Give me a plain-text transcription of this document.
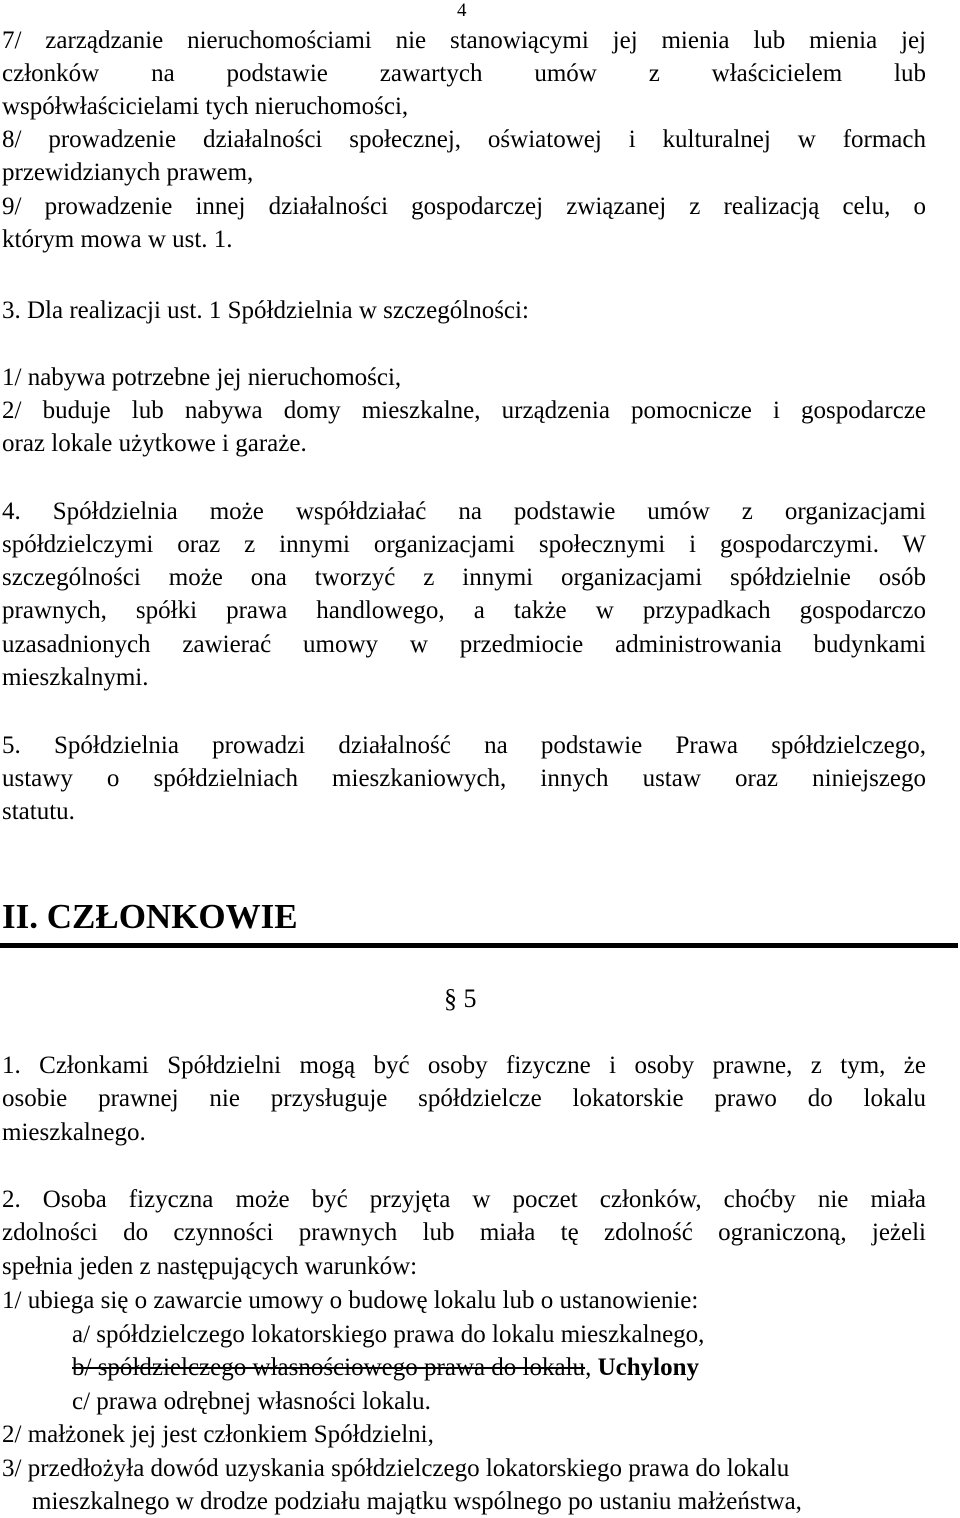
4
7/ zarządzanie nieruchomościami nie stanowiącymi jej mienia lub mienia jej
członków na podstawie zawartych umów z właścicielem lub
współwłaścicielami tych nieruchomości,
8/ prowadzenie działalności społecznej, oświatowej i kulturalnej w formach
przewidzianych prawem,
9/ prowadzenie innej działalności gospodarczej związanej z realizacją celu, o
którym mowa w ust. 1.
3. Dla realizacji ust. 1 Spółdzielnia w szczególności:
1/ nabywa potrzebne jej nieruchomości,
2/ buduje lub nabywa domy mieszkalne, urządzenia pomocnicze i gospodarcze
oraz lokale użytkowe i garaże.
4. Spółdzielnia może współdziałać na podstawie umów z organizacjami
spółdzielczymi oraz z innymi organizacjami społecznymi i gospodarczymi. W
szczególności może ona tworzyć z innymi organizacjami spółdzielnie osób
prawnych, spółki prawa handlowego, a także w przypadkach gospodarczo
uzasadnionych zawierać umowy w przedmiocie administrowania budynkami
mieszkalnymi.
5. Spółdzielnia prowadzi działalność na podstawie Prawa spółdzielczego,
ustawy o spółdzielniach mieszkaniowych, innych ustaw oraz niniejszego
statutu.
II. CZŁONKOWIE
§ 5
1. Członkami Spółdzielni mogą być osoby fizyczne i osoby prawne, z tym, że
osobie prawnej nie przysługuje spółdzielcze lokatorskie prawo do lokalu
mieszkalnego.
2. Osoba fizyczna może być przyjęta w poczet członków, choćby nie miała
zdolności do czynności prawnych lub miała tę zdolność ograniczoną, jeżeli
spełnia jeden z następujących warunków:
1/ ubiega się o zawarcie umowy o budowę lokalu lub o ustanowienie:
a/ spółdzielczego lokatorskiego prawa do lokalu mieszkalnego,
b/ spółdzielczego własnościowego prawa do lokalu, Uchylony
c/ prawa odrębnej własności lokalu.
2/ małżonek jej jest członkiem Spółdzielni,
3/ przedłożyła dowód uzyskania spółdzielczego lokatorskiego prawa do lokalu
mieszkalnego w drodze podziału majątku wspólnego po ustaniu małżeństwa,
